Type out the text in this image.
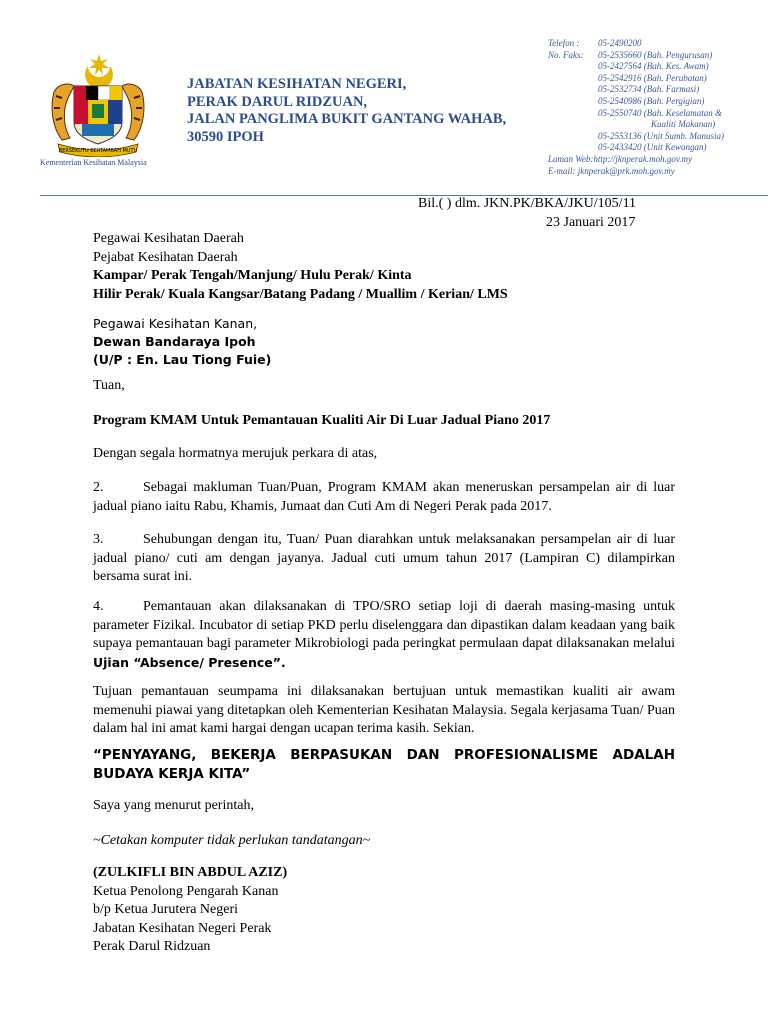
BERSEKUTU BERTAMBAH MUTU
Kementerian Kesihatan Malaysia
JABATAN KESIHATAN NEGERI,
PERAK DARUL RIDZUAN,
JALAN PANGLIMA BUKIT GANTANG WAHAB,
30590 IPOH
Telefon :	05-2490200
No. Faks:	05-2535660 (Bah. Pengurusan)
05-2427564 (Bah. Kes. Awam)
05-2542916 (Bah. Perubatan)
05-2532734 (Bah. Farmasi)
05-2540986 (Bah. Pergigian)
05-2550740 (Bah. Keselamatan &
Kualiti Makanan)
05-2553136 (Unit Sumb. Manusia)
05-2433420 (Unit Kewangan)
Laman Web:http://jknperak.moh.gov.my
E-mail: jknperak@prk.moh.gov.my
Bil.( ) dlm. JKN.PK/BKA/JKU/105/11
23 Januari 2017
Pegawai Kesihatan Daerah
Pejabat Kesihatan Daerah
Kampar/ Perak Tengah/Manjung/ Hulu Perak/ Kinta
Hilir Perak/ Kuala Kangsar/Batang Padang / Muallim / Kerian/ LMS
Pegawai Kesihatan Kanan,
Dewan Bandaraya Ipoh
(U/P : En. Lau Tiong Fuie)
Tuan,
Program KMAM Untuk Pemantauan Kualiti Air Di Luar Jadual Piano 2017
Dengan segala hormatnya merujuk perkara di atas,

2.	Sebagai makluman Tuan/Puan, Program KMAM akan meneruskan persampelan air di luar jadual piano iaitu Rabu, Khamis, Jumaat dan Cuti Am di Negeri Perak pada 2017.

3.	Sehubungan dengan itu, Tuan/ Puan diarahkan untuk melaksanakan persampelan air di luar jadual piano/ cuti am dengan jayanya. Jadual cuti umum tahun 2017 (Lampiran C) dilampirkan bersama surat ini.

4.	Pemantauan akan dilaksanakan di TPO/SRO setiap loji di daerah masing-masing untuk parameter Fizikal. Incubator di setiap PKD perlu diselenggara dan dipastikan dalam keadaan yang baik supaya pemantauan bagi parameter Mikrobiologi pada peringkat permulaan dapat dilaksanakan melalui Ujian “Absence/ Presence”.

Tujuan pemantauan seumpama ini dilaksanakan bertujuan untuk memastikan kualiti air awam memenuhi piawai yang ditetapkan oleh Kementerian Kesihatan Malaysia. Segala kerjasama Tuan/ Puan dalam hal ini amat kami hargai dengan ucapan terima kasih. Sekian.

“PENYAYANG, BEKERJA BERPASUKAN DAN PROFESIONALISME ADALAH BUDAYA KERJA KITA”

Saya yang menurut perintah,
~Cetakan komputer tidak perlukan tandatangan~
(ZULKIFLI BIN ABDUL AZIZ)
Ketua Penolong Pengarah Kanan
b/p Ketua Jurutera Negeri
Jabatan Kesihatan Negeri Perak
Perak Darul Ridzuan
